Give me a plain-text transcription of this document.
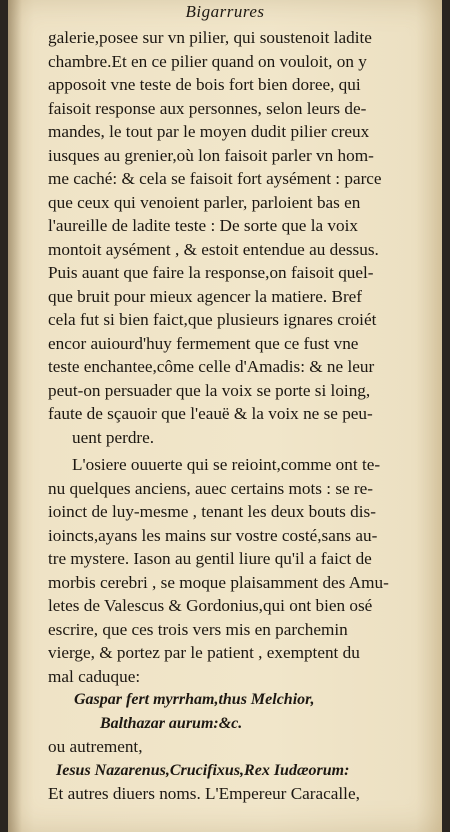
Bigarrures
galerie,posee sur vn pilier, qui soustenoit ladite
chambre.Et en ce pilier quand on vouloit, on y
apposoit vne teste de bois fort bien doree, qui
faisoit response aux personnes, selon leurs de-
mandes, le tout par le moyen dudit pilier creux
iusques au grenier,où lon faisoit parler vn hom-
me caché: & cela se faisoit fort aysément : parce
que ceux qui venoient parler, parloient bas en
l'aureille de ladite teste : De sorte que la voix
montoit aysément , & estoit entendue au dessus.
Puis auant que faire la response,on faisoit quel-
que bruit pour mieux agencer la matiere. Bref
cela fut si bien faict,que plusieurs ignares croiét
encor auiourd'huy fermement que ce fust vne
teste enchantee,côme celle d'Amadis: & ne leur
peut-on persuader que la voix se porte si loing,
faute de sçauoir que l'eauë & la voix ne se peu-
uent perdre.
L'osiere ouuerte qui se reioint,comme ont te-
nu quelques anciens, auec certains mots : se re-
ioinct de luy-mesme , tenant les deux bouts dis-
ioincts,ayans les mains sur vostre costé,sans au-
tre mystere. Iason au gentil liure qu'il a faict de
morbis cerebri , se moque plaisamment des Amu-
letes de Valescus & Gordonius,qui ont bien osé
escrire, que ces trois vers mis en parchemin
vierge, & portez par le patient , exemptent du
mal caduque:
Gaspar fert myrrham,thus Melchior,
Balthazar aurum:&c.
ou autrement,
Iesus Nazarenus,Crucifixus,Rex Iudæorum:
Et autres diuers noms. L'Empereur Caracalle,
